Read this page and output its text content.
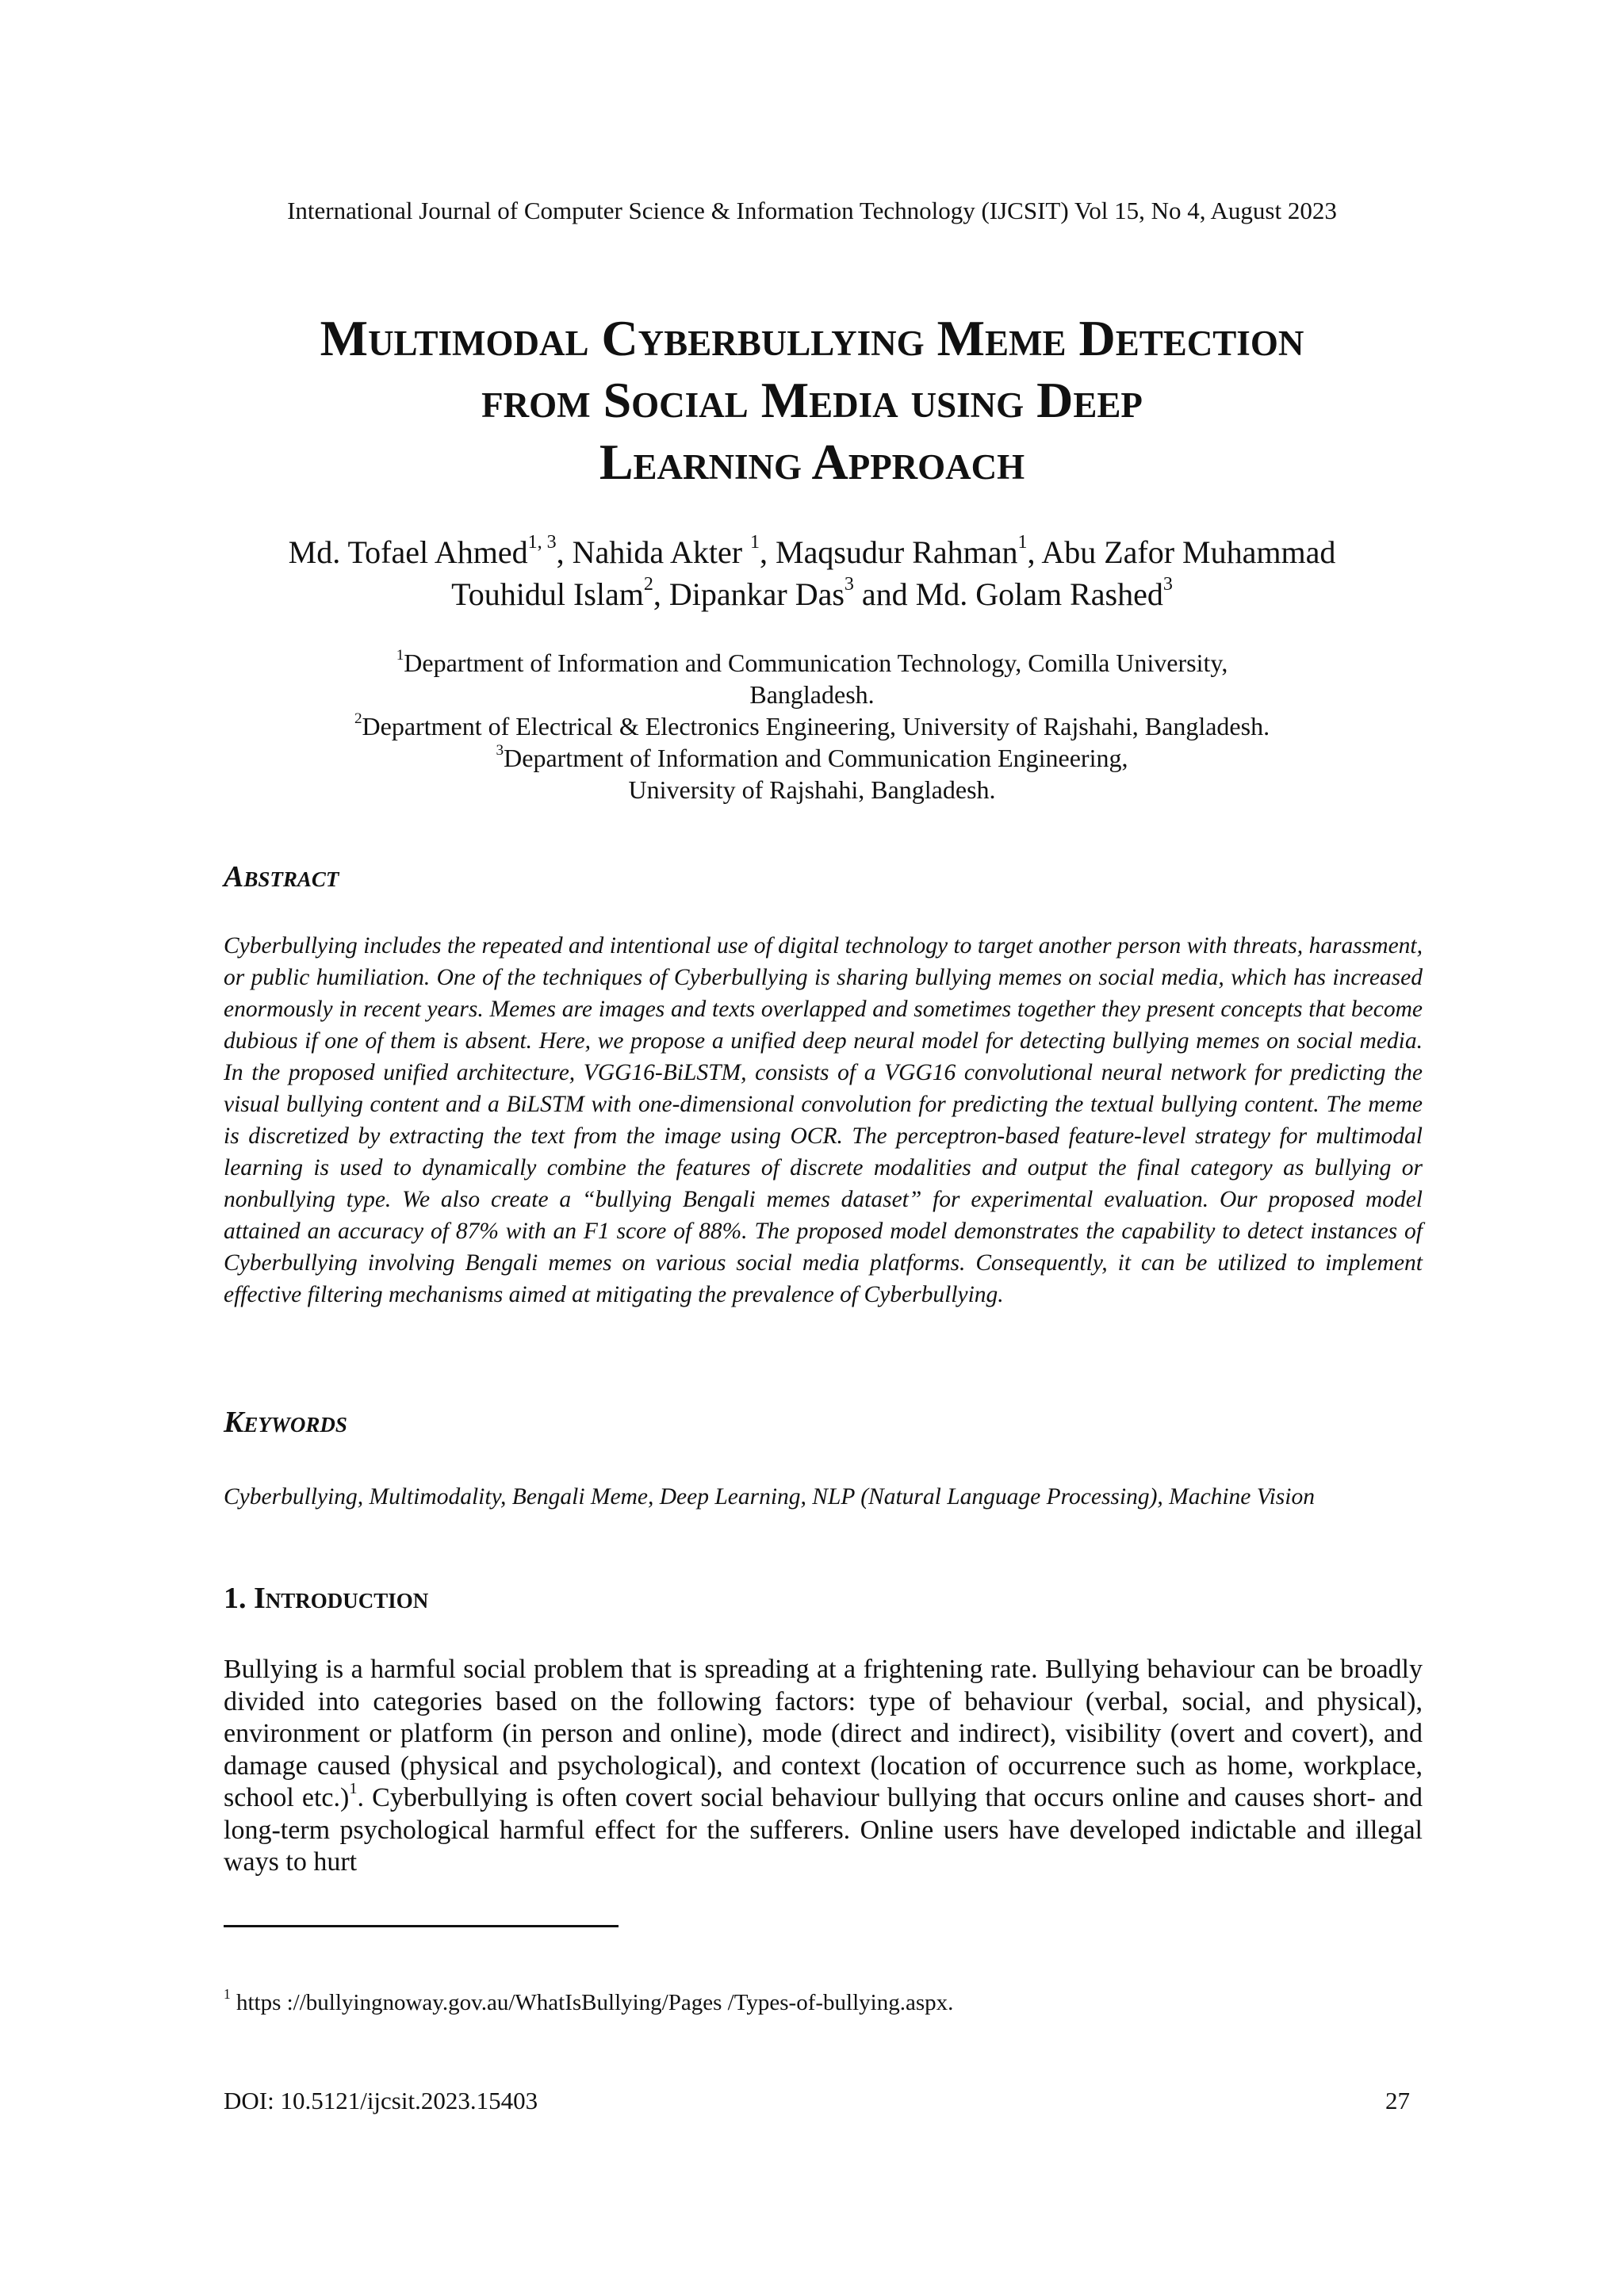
International Journal of Computer Science & Information Technology (IJCSIT) Vol 15, No 4, August 2023
Multimodal Cyberbullying Meme Detection
from Social Media using Deep
Learning Approach
Md. Tofael Ahmed$^{1, 3}$, Nahida Akter $^1$, Maqsudur Rahman$^1$, Abu Zafor Muhammad
Touhidul Islam$^2$, Dipankar Das$^3$ and Md. Golam Rashed$^3$
$^1$Department of Information and Communication Technology, Comilla University,
Bangladesh.
$^2$Department of Electrical & Electronics Engineering, University of Rajshahi, Bangladesh.
$^3$Department of Information and Communication Engineering,
University of Rajshahi, Bangladesh.
Abstract
Cyberbullying includes the repeated and intentional use of digital technology to target another person with threats, harassment, or public humiliation. One of the techniques of Cyberbullying is sharing bullying memes on social media, which has increased enormously in recent years. Memes are images and texts overlapped and sometimes together they present concepts that become dubious if one of them is absent. Here, we propose a unified deep neural model for detecting bullying memes on social media. In the proposed unified architecture, VGG16-BiLSTM, consists of a VGG16 convolutional neural network for predicting the visual bullying content and a BiLSTM with one-dimensional convolution for predicting the textual bullying content. The meme is discretized by extracting the text from the image using OCR. The perceptron-based feature-level strategy for multimodal learning is used to dynamically combine the features of discrete modalities and output the final category as bullying or nonbullying type. We also create a “bullying Bengali memes dataset” for experimental evaluation. Our proposed model attained an accuracy of 87% with an F1 score of 88%. The proposed model demonstrates the capability to detect instances of Cyberbullying involving Bengali memes on various social media platforms. Consequently, it can be utilized to implement effective filtering mechanisms aimed at mitigating the prevalence of Cyberbullying.
Keywords
Cyberbullying, Multimodality, Bengali Meme, Deep Learning, NLP (Natural Language Processing), Machine Vision
1. Introduction
Bullying is a harmful social problem that is spreading at a frightening rate. Bullying behaviour can be broadly divided into categories based on the following factors: type of behaviour (verbal, social, and physical), environment or platform (in person and online), mode (direct and indirect), visibility (overt and covert), and damage caused (physical and psychological), and context (location of occurrence such as home, workplace, school etc.)$^1$. Cyberbullying is often covert social behaviour bullying that occurs online and causes short- and long-term psychological harmful effect for the sufferers. Online users have developed indictable and illegal ways to hurt
$^1$ https ://bullyingnoway.gov.au/WhatIsBullying/Pages /Types-of-bullying.aspx.
DOI: 10.5121/ijcsit.2023.15403	27
